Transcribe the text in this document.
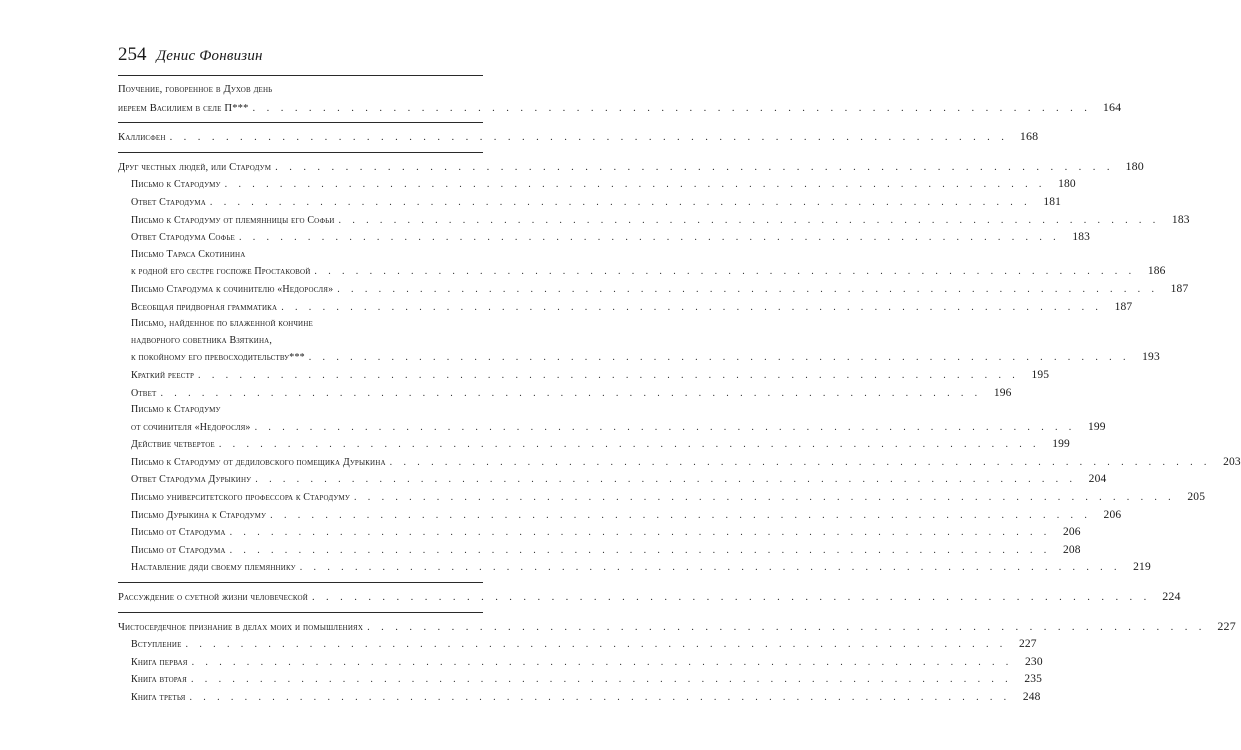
254 Денис Фонвизин
Поучение, говоренное в Духов день
иереем Василием в селе П*** . . . . . . . . . . . . . . . . . . . . . . . . . . . . . . . . . . . . . . . . . . . . . . . . . . . . . . . . . . . . 164
Каллисфен . . . . . . . . . . . . . . . . . . . . . . . . . . . . . . . . . . . . . . . . . . . . . . . . . . . . . . . . . . . . 168
Друг честных людей, или Стародум . . . . . . . . . . . . . . . . . . . . . . . . . . . . . . . . . . . . . . . . . . . . . . . . . . . . . . . . . . . . 180
Письмо к Стародуму . . . . . . . . . . . . . . . . . . . . . . . . . . . . . . . . . . . . . . . . . . . . . . . . . . . . . . . . . . . .	180
Ответ Стародума . . . . . . . . . . . . . . . . . . . . . . . . . . . . . . . . . . . . . . . . . . . . . . . . . . . . . . . . . . . .	181
Письмо к Стародуму от племянницы его Софьи . . . . . . . . . . . . . . . . . . . . . . . . . . . . . . . . . . . . . . . . . . . . . . . . . . . . . . . . . . . .	183
Ответ Стародума Софье . . . . . . . . . . . . . . . . . . . . . . . . . . . . . . . . . . . . . . . . . . . . . . . . . . . . . . . . . . . .	183
Письмо Тараса Скотинина
к родной его сестре госпоже Простаковой . . . . . . . . . . . . . . . . . . . . . . . . . . . . . . . . . . . . . . . . . . . . . . . . . . . . . . . . . . . .	186
Письмо Стародума к сочинителю «Недоросля» . . . . . . . . . . . . . . . . . . . . . . . . . . . . . . . . . . . . . . . . . . . . . . . . . . . . . . . . . . . .	187
Всеобщая придворная грамматика . . . . . . . . . . . . . . . . . . . . . . . . . . . . . . . . . . . . . . . . . . . . . . . . . . . . . . . . . . . .	187
Письмо, найденное по блаженной кончине
надворного советника Взяткина,
к покойному его превосходительству*** . . . . . . . . . . . . . . . . . . . . . . . . . . . . . . . . . . . . . . . . . . . . . . . . . . . . . . . . . . . .	193
Краткий реестр . . . . . . . . . . . . . . . . . . . . . . . . . . . . . . . . . . . . . . . . . . . . . . . . . . . . . . . . . . . .	195
Ответ . . . . . . . . . . . . . . . . . . . . . . . . . . . . . . . . . . . . . . . . . . . . . . . . . . . . . . . . . . . .	196
Письмо к Стародуму
от сочинителя «Недоросля» . . . . . . . . . . . . . . . . . . . . . . . . . . . . . . . . . . . . . . . . . . . . . . . . . . . . . . . . . . . .	199
Действие четвертое . . . . . . . . . . . . . . . . . . . . . . . . . . . . . . . . . . . . . . . . . . . . . . . . . . . . . . . . . . . .	199
Письмо к Стародуму от дедиловского помещика Дурыкина . . . . . . . . . . . . . . . . . . . . . . . . . . . . . . . . . . . . . . . . . . . . . . . . . . . . . . . . . . . .	203
Ответ Стародума Дурыкину . . . . . . . . . . . . . . . . . . . . . . . . . . . . . . . . . . . . . . . . . . . . . . . . . . . . . . . . . . . .	204
Письмо университетского профессора к Стародуму . . . . . . . . . . . . . . . . . . . . . . . . . . . . . . . . . . . . . . . . . . . . . . . . . . . . . . . . . . . .	205
Письмо Дурыкина к Стародуму . . . . . . . . . . . . . . . . . . . . . . . . . . . . . . . . . . . . . . . . . . . . . . . . . . . . . . . . . . . .	206
Письмо от Стародума . . . . . . . . . . . . . . . . . . . . . . . . . . . . . . . . . . . . . . . . . . . . . . . . . . . . . . . . . . . .	206
Письмо от Стародума . . . . . . . . . . . . . . . . . . . . . . . . . . . . . . . . . . . . . . . . . . . . . . . . . . . . . . . . . . . .	208
Наставление дяди своему племяннику . . . . . . . . . . . . . . . . . . . . . . . . . . . . . . . . . . . . . . . . . . . . . . . . . . . . . . . . . . . .	219
Рассуждение о суетной жизни человеческой . . . . . . . . . . . . . . . . . . . . . . . . . . . . . . . . . . . . . . . . . . . . . . . . . . . . . . . . . . . . 224
Чистосердечное признание в делах моих и помышлениях . . . . . . . . . . . . . . . . . . . . . . . . . . . . . . . . . . . . . . . . . . . . . . . . . . . . . . . . . . . . 227
Вступление . . . . . . . . . . . . . . . . . . . . . . . . . . . . . . . . . . . . . . . . . . . . . . . . . . . . . . . . . . . .	227
Книга первая . . . . . . . . . . . . . . . . . . . . . . . . . . . . . . . . . . . . . . . . . . . . . . . . . . . . . . . . . . . .	230
Книга вторая . . . . . . . . . . . . . . . . . . . . . . . . . . . . . . . . . . . . . . . . . . . . . . . . . . . . . . . . . . . .	235
Книга третья . . . . . . . . . . . . . . . . . . . . . . . . . . . . . . . . . . . . . . . . . . . . . . . . . . . . . . . . . . . .	248
